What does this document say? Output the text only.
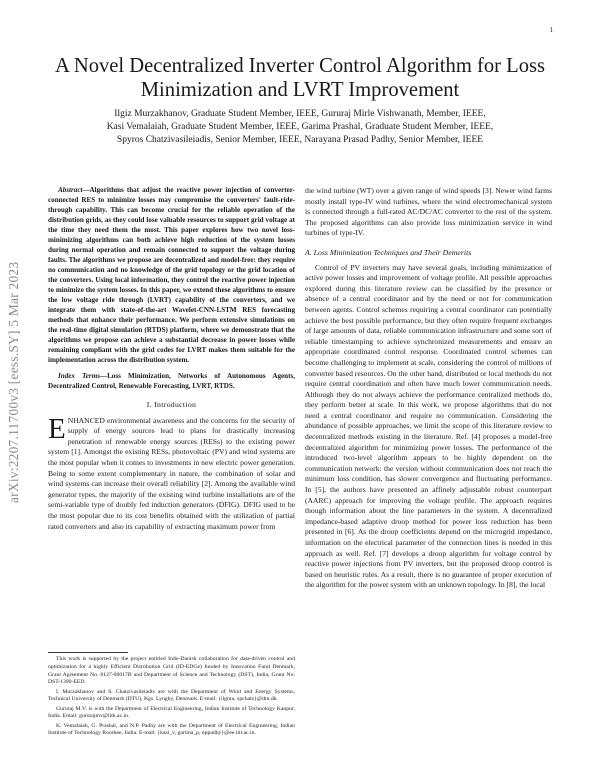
1
arXiv:2207.11700v3 [eess.SY] 5 Mar 2023
A Novel Decentralized Inverter Control Algorithm for Loss Minimization and LVRT Improvement
Ilgiz Murzakhanov, Graduate Student Member, IEEE, Gururaj Mirle Vishwanath, Member, IEEE,
Kasi Vemalaiah, Graduate Student Member, IEEE, Garima Prashal, Graduate Student Member, IEEE,
Spyros Chatzivasileiadis, Senior Member, IEEE, Narayana Prasad Padhy, Senior Member, IEEE

Abstract—Algorithms that adjust the reactive power injection of converter-connected RES to minimize losses may compromise the converters' fault-ride-through capability. This can become crucial for the reliable operation of the distribution grids, as they could lose valuable resources to support grid voltage at the time they need them the most. This paper explores how two novel loss-minimizing algorithms can both achieve high reduction of the system losses during normal operation and remain connected to support the voltage during faults. The algorithms we propose are decentralized and model-free: they require no communication and no knowledge of the grid topology or the grid location of the converters. Using local information, they control the reactive power injection to minimize the system losses. In this paper, we extend these algorithms to ensure the low voltage ride through (LVRT) capability of the converters, and we integrate them with state-of-the-art Wavelet-CNN-LSTM RES forecasting methods that enhance their performance. We perform extensive simulations on the real-time digital simulation (RTDS) platform, where we demonstrate that the algorithms we propose can achieve a substantial decrease in power losses while remaining compliant with the grid codes for LVRT makes them suitable for the implementation across the distribution system.

Index Terms—Loss Minimization, Networks of Autonomous Agents, Decentralized Control, Renewable Forecasting, LVRT, RTDS.

I. Introduction

ENHANCED environmental awareness and the concerns for the security of supply of energy sources lead to plans for drastically increasing penetration of renewable energy sources (RESs) to the existing power system [1]. Amongst the existing RESs, photovoltaic (PV) and wind systems are the most popular when it comes to investments in new electric power generation. Being to some extent complementary in nature, the combination of solar and wind systems can increase their overall reliability [2]. Among the available wind generator types, the majority of the existing wind turbine installations are of the semi-variable type of doubly fed induction generators (DFIG). DFIG used to be the most popular due to its cost benefits obtained with the utilization of partial rated converters and also its capability of extracting maximum power from

This work is supported by the project entitled Indo-Danish collaboration for data-driven control and optimization for a highly Efficient Distribution Grid (ID-EDGe) funded by Innovation Fund Denmark, Grant Agreement No. 8127-00017B and Department of Science and Technology (DST), India, Grant No: DST-1390-EED.

I. Murzakhanov and S. Chatzivasileiadis are with the Department of Wind and Energy Systems, Technical University of Denmark (DTU), Kgs. Lyngby, Denmark. E-mail: {ilgmu, spchatz}@dtu.dk.

Gururaj M.V. is with the Department of Electrical Engineering, Indian Institute of Technology Kanpur, India. Email: gururajmv@iitk.ac.in.

K. Vemalaiah, G. Prashal, and N.P. Padhy are with the Department of Electrical Engineering, Indian Institute of Technology Roorkee, India. E-mail: {kasi_v, garima_p, nppadhy}@ee.iitr.ac.in.

the wind turbine (WT) over a given range of wind speeds [3]. Newer wind farms mostly install type-IV wind turbines, where the wind electromechanical system is connected through a full-rated AC/DC/AC converter to the rest of the system. The proposed algorithms can also provide loss minimization service in wind turbines of type-IV.

A. Loss Minimization Techniques and Their Demerits

Control of PV inverters may have several goals, including minimization of active power losses and improvement of voltage profile. All possible approaches explored during this literature review can be classified by the presence or absence of a central coordinator and by the need or not for communication between agents. Control schemes requiring a central coordinator can potentially achieve the best possible performance, but they often require frequent exchanges of large amounts of data, reliable communication infrastructure and some sort of reliable timestamping to achieve synchronized measurements and ensure an appropriate coordinated control response. Coordinated control schemes can become challenging to implement at scale, considering the control of millions of converter based resources. On the other hand, distributed or local methods do not require central coordination and often have much lower communication needs. Although they do not always achieve the performance centralized methods do, they perform better at scale. In this work, we propose algorithms that do not need a central coordinator and require no communication. Considering the abundance of possible approaches, we limit the scope of this literature review to decentralized methods existing in the literature. Ref. [4] proposes a model-free decentralized algorithm for minimizing power losses. The performance of the introduced two-level algorithm appears to be highly dependent on the communication network: the version without communication does not reach the minimum loss condition, has slower convergence and fluctuating performance. In [5], the authors have presented an affinely adjustable robust counterpart (AARC) approach for improving the voltage profile. The approach requires though information about the line parameters in the system. A decentralized impedance-based adaptive droop method for power loss reduction has been presented in [6]. As the droop coefficients depend on the microgrid impedance, information on the electrical parameter of the connection lines is needed in this approach as well. Ref. [7] develops a droop algorithm for voltage control by reactive power injections from PV inverters, but the proposed droop control is based on heuristic rules. As a result, there is no guarantee of proper execution of the algorithm for the power system with an unknown topology. In [8], the local
